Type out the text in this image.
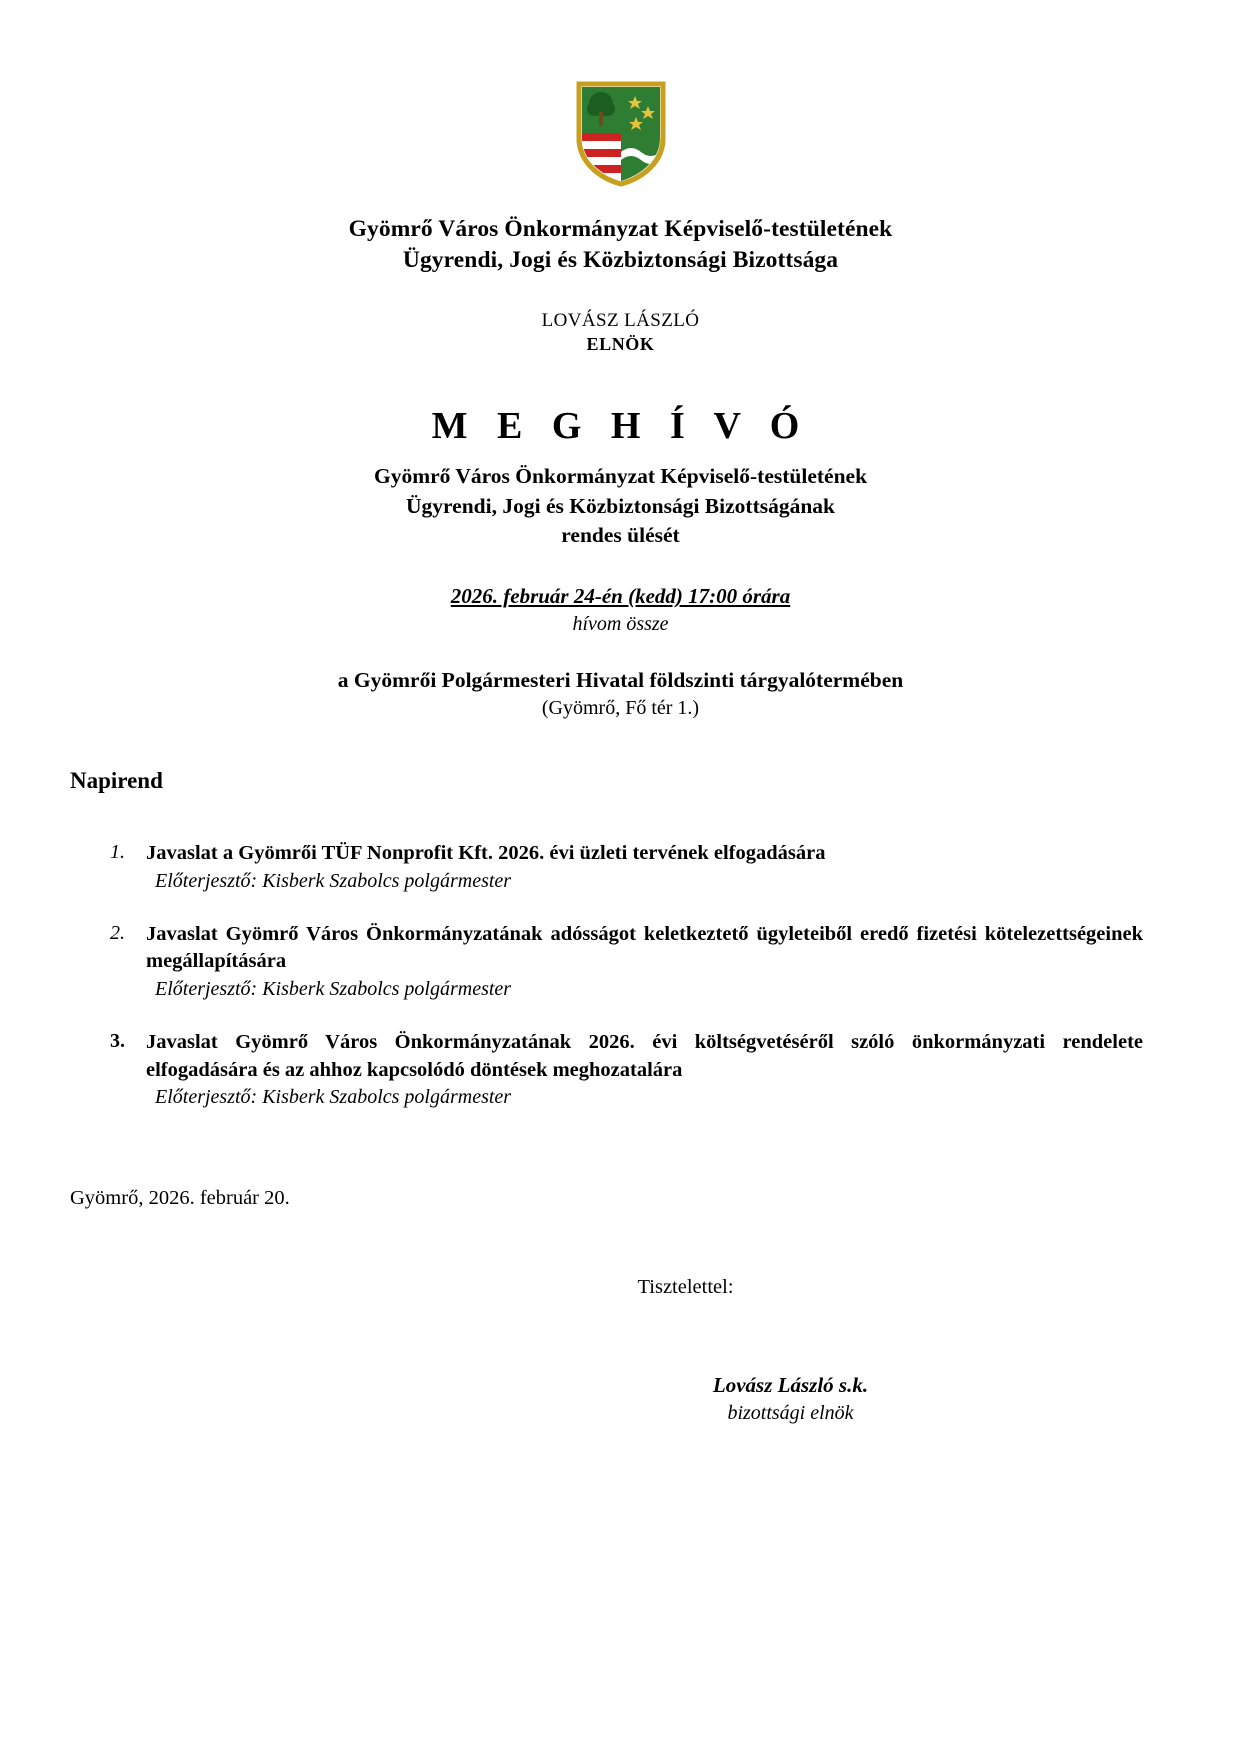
Gyömrő Város Önkormányzat Képviselő-testületének
Ügyrendi, Jogi és Közbiztonsági Bizottsága
LOVÁSZ LÁSZLÓ
ELNÖK
M E G H Í V Ó
Gyömrő Város Önkormányzat Képviselő-testületének
Ügyrendi, Jogi és Közbiztonsági Bizottságának
rendes ülését
2026. február 24-én (kedd) 17:00 órára
hívom össze
a Gyömrői Polgármesteri Hivatal földszinti tárgyalótermében
(Gyömrő, Fő tér 1.)
Napirend
1.	Javaslat a Gyömrői TÜF Nonprofit Kft. 2026. évi üzleti tervének elfogadására
Előterjesztő: Kisberk Szabolcs polgármester
2.	Javaslat Gyömrő Város Önkormányzatának adósságot keletkeztető ügyleteiből eredő fizetési kötelezettségeinek megállapítására
Előterjesztő: Kisberk Szabolcs polgármester
3.	Javaslat Gyömrő Város Önkormányzatának 2026. évi költségvetéséről szóló önkormányzati rendelete elfogadására és az ahhoz kapcsolódó döntések meghozatalára
Előterjesztő: Kisberk Szabolcs polgármester
Gyömrő, 2026. február 20.
Tisztelettel:
Lovász László s.k.
bizottsági elnök
